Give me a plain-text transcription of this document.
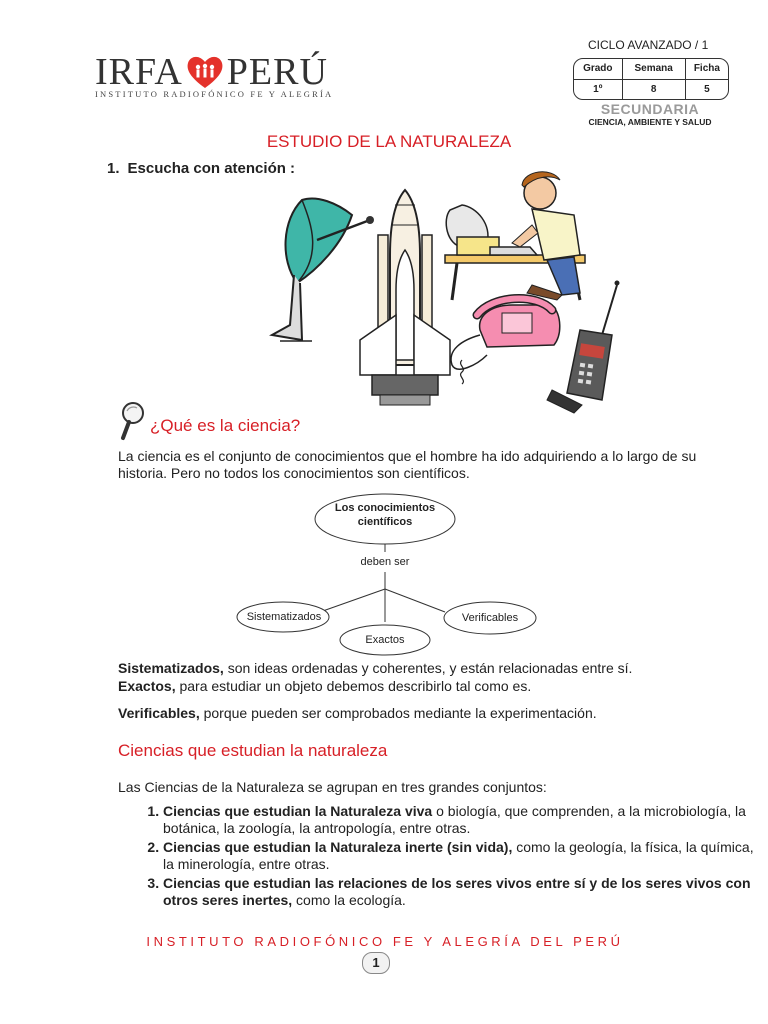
IRFA PERÚ
INSTITUTO RADIOFÓNICO FE Y ALEGRÍA
CICLO AVANZADO / 1
Grado	Semana	Ficha
1º	8	5
SECUNDARIA
CIENCIA, AMBIENTE Y SALUD
ESTUDIO DE LA NATURALEZA
1. Escucha con atención :
¿Qué es la ciencia?
La ciencia es el conjunto de conocimientos que el hombre ha ido adquiriendo a lo largo de su historia. Pero no todos los conocimientos son científicos.
Los conocimientos
científicos
deben ser
Sistematizados
Exactos
Verificables
Sistematizados, son ideas ordenadas y coherentes, y están relacionadas entre sí.
Exactos, para estudiar un objeto debemos describirlo tal como es.
Verificables, porque pueden ser comprobados mediante la experimentación.
Ciencias que estudian la naturaleza
Las Ciencias de la Naturaleza se agrupan en tres grandes conjuntos:
1. Ciencias que estudian la Naturaleza viva o biología, que comprenden, a la microbiología, la botánica, la zoología, la antropología, entre otras.
2. Ciencias que estudian la Naturaleza inerte (sin vida), como la geología, la física, la química, la minerología, entre otras.
3. Ciencias que estudian las relaciones de los seres vivos entre sí y de los seres vivos con otros seres inertes, como la ecología.
INSTITUTO RADIOFÓNICO FE Y ALEGRÍA DEL PERÚ
1
